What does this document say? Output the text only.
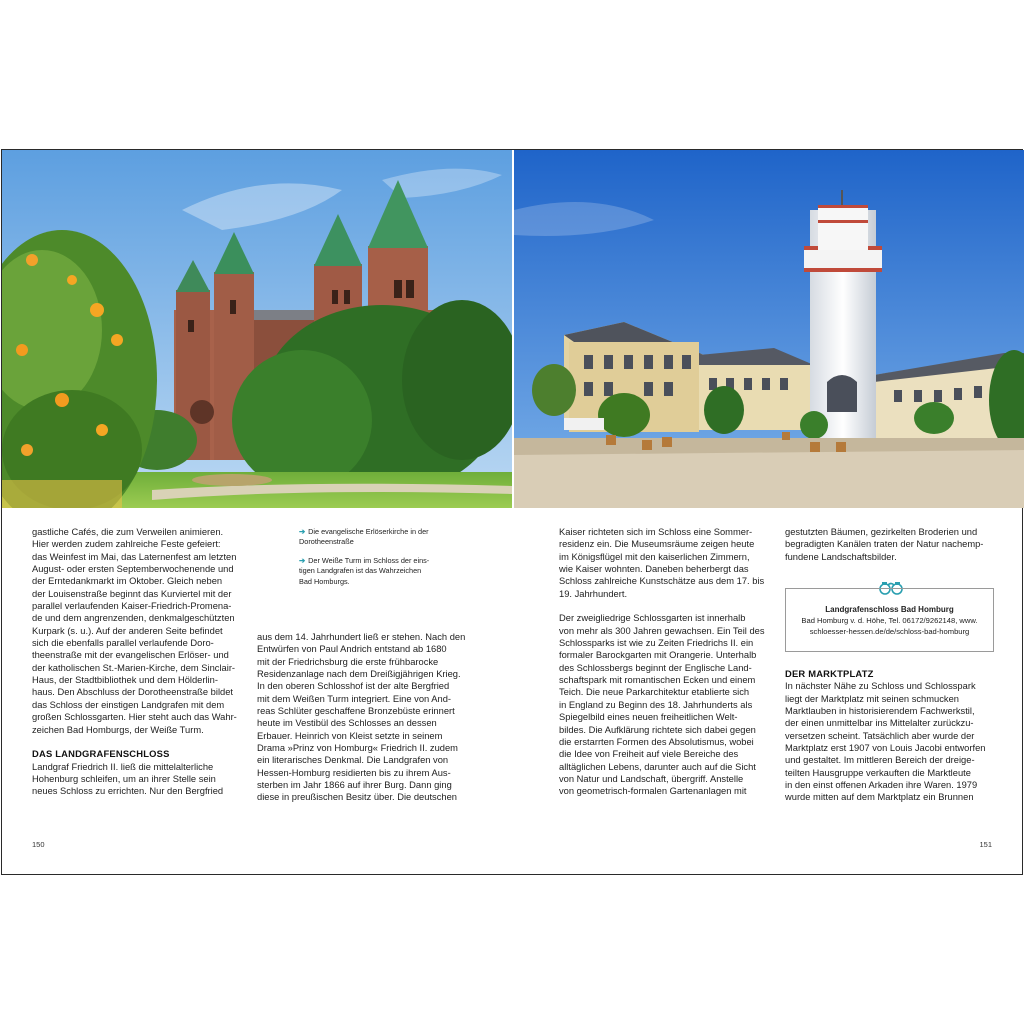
gastliche Cafés, die zum Verweilen animieren.
Hier werden zudem zahlreiche Feste gefeiert:
das Weinfest im Mai, das Laternenfest am letzten
August- oder ersten Septemberwochenende und
der Erntedankmarkt im Oktober. Gleich neben
der Louisenstraße beginnt das Kurviertel mit der
parallel verlaufenden Kaiser-Friedrich-Promena-
de und dem angrenzenden, denkmalgeschützten
Kurpark (s. u.). Auf der anderen Seite befindet
sich die ebenfalls parallel verlaufende Doro-
theenstraße mit der evangelischen Erlöser- und
der katholischen St.-Marien-Kirche, dem Sinclair-
Haus, der Stadtbibliothek und dem Hölderlin-
haus. Den Abschluss der Dorotheenstraße bildet
das Schloss der einstigen Landgrafen mit dem
großen Schlossgarten. Hier steht auch das Wahr-
zeichen Bad Homburgs, der Weiße Turm.

DAS LANDGRAFENSCHLOSS

Landgraf Friedrich II. ließ die mittelalterliche
Hohenburg schleifen, um an ihrer Stelle sein
neues Schloss zu errichten. Nur den Bergfried

➔ Die evangelische Erlöserkirche in der
Dorotheenstraße
➔ Der Weiße Turm im Schloss der eins-
tigen Landgrafen ist das Wahrzeichen
Bad Homburgs.

aus dem 14. Jahrhundert ließ er stehen. Nach den
Entwürfen von Paul Andrich entstand ab 1680
mit der Friedrichsburg die erste frühbarocke
Residenzanlage nach dem Dreißigjährigen Krieg.
In den oberen Schlosshof ist der alte Bergfried
mit dem Weißen Turm integriert. Eine von And-
reas Schlüter geschaffene Bronzebüste erinnert
heute im Vestibül des Schlosses an dessen
Erbauer. Heinrich von Kleist setzte in seinem
Drama »Prinz von Homburg« Friedrich II. zudem
ein literarisches Denkmal. Die Landgrafen von
Hessen-Homburg residierten bis zu ihrem Aus-
sterben im Jahr 1866 auf ihrer Burg. Dann ging
diese in preußischen Besitz über. Die deutschen

Kaiser richteten sich im Schloss eine Sommer-
residenz ein. Die Museumsräume zeigen heute
im Königsflügel mit den kaiserlichen Zimmern,
wie Kaiser wohnten. Daneben beherbergt das
Schloss zahlreiche Kunstschätze aus dem 17. bis
19. Jahrhundert.

Der zweigliedrige Schlossgarten ist innerhalb
von mehr als 300 Jahren gewachsen. Ein Teil des
Schlossparks ist wie zu Zeiten Friedrichs II. ein
formaler Barockgarten mit Orangerie. Unterhalb
des Schlossbergs beginnt der Englische Land-
schaftspark mit romantischen Ecken und einem
Teich. Die neue Parkarchitektur etablierte sich
in England zu Beginn des 18. Jahrhunderts als
Spiegelbild eines neuen freiheitlichen Welt-
bildes. Die Aufklärung richtete sich dabei gegen
die erstarrten Formen des Absolutismus, wobei
die Idee von Freiheit auf viele Bereiche des
alltäglichen Lebens, darunter auch auf die Sicht
von Natur und Landschaft, übergriff. Anstelle
von geometrisch-formalen Gartenanlagen mit

gestutzten Bäumen, gezirkelten Broderien und
begradigten Kanälen traten der Natur nachemp-
fundene Landschaftsbilder.

Landgrafenschloss Bad Homburg
Bad Homburg v. d. Höhe, Tel. 06172/9262148, www.
schloesser-hessen.de/de/schloss-bad-homburg
DER MARKTPLATZ

In nächster Nähe zu Schloss und Schlosspark
liegt der Marktplatz mit seinen schmucken
Marktlauben in historisierendem Fachwerkstil,
der einen unmittelbar ins Mittelalter zurückzu-
versetzen scheint. Tatsächlich aber wurde der
Marktplatz erst 1907 von Louis Jacobi entworfen
und gestaltet. Im mittleren Bereich der dreige-
teilten Hausgruppe verkauften die Marktleute
in den einst offenen Arkaden ihre Waren. 1979
wurde mitten auf dem Marktplatz ein Brunnen

150	151
